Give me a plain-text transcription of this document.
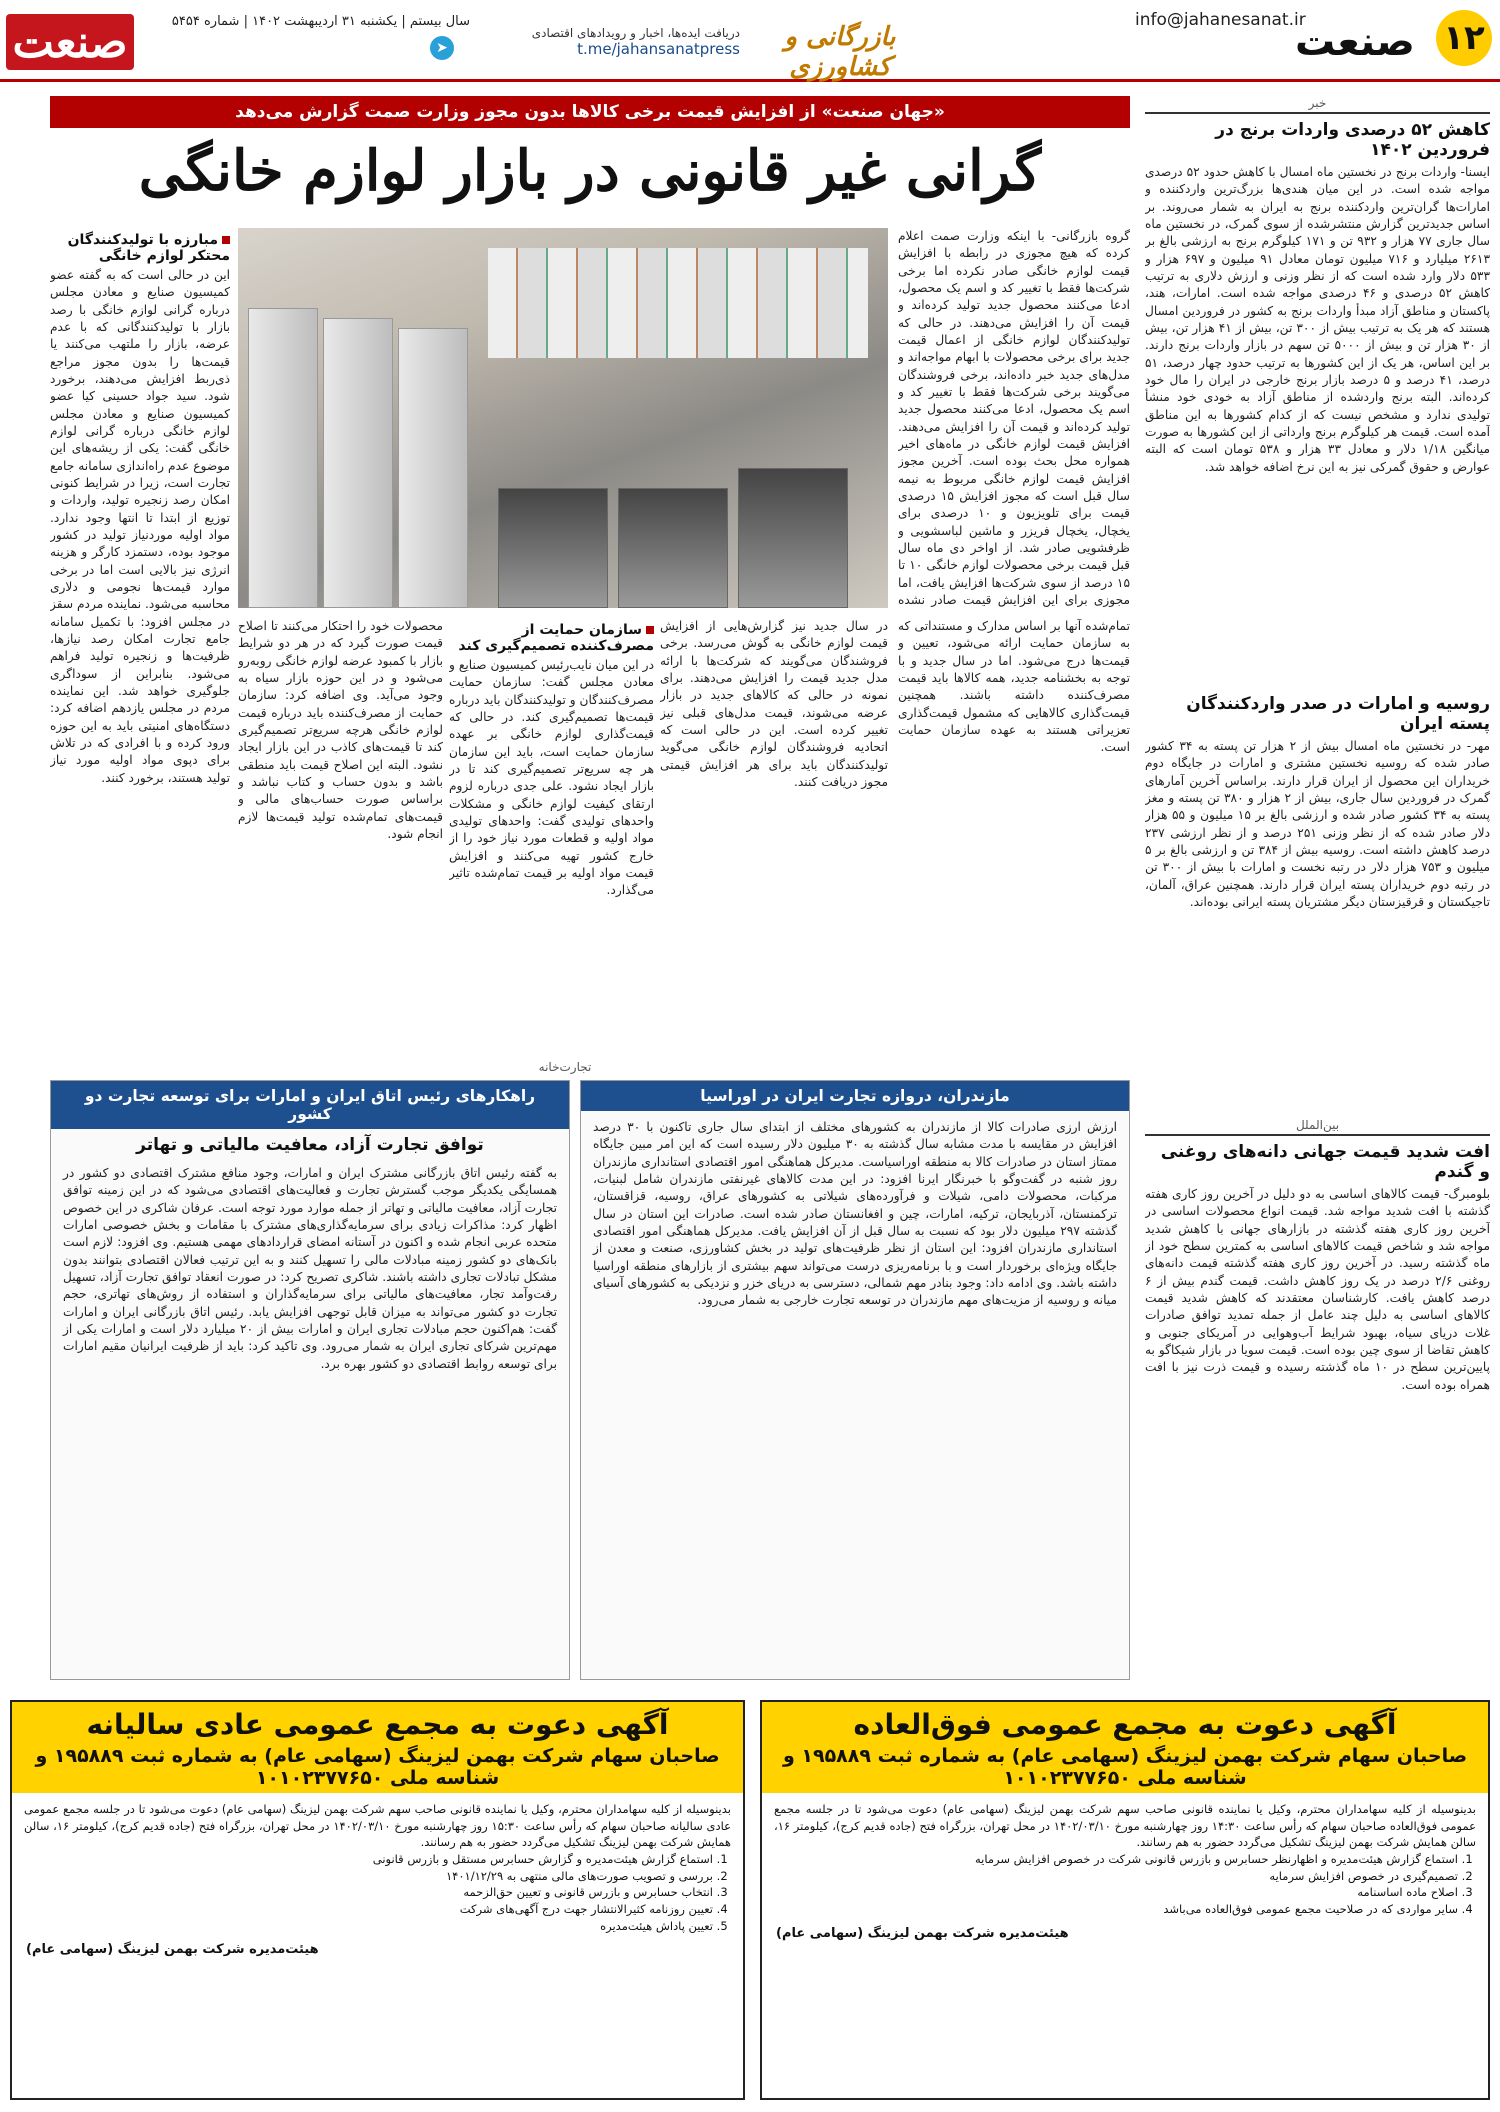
۱۲
صنعت
بازرگانی و کشاورزی
دریافت ایده‌ها، اخبار و رویدادهای اقتصادی
t.me/jahansanatpress
➤
سال بیستم | یکشنبه ۳۱ اردیبهشت ۱۴۰۲ | شماره ۵۴۵۴
صنعت	info@jahanesanat.ir
خبر
کاهش ۵۲ درصدی واردات برنج در فروردین ۱۴۰۲
ایسنا- واردات برنج در نخستین ماه امسال با کاهش حدود ۵۲ درصدی مواجه شده است. در این میان هندی‌ها بزرگ‌ترین واردکننده و امارات‌ها گران‌ترین واردکننده برنج به ایران به شمار می‌روند. بر اساس جدیدترین گزارش منتشرشده از سوی گمرک، در نخستین ماه سال جاری ۷۷ هزار و ۹۳۲ تن و ۱۷۱ کیلوگرم برنج به ارزشی بالغ بر ۲۶۱۳ میلیارد و ۷۱۶ میلیون تومان معادل ۹۱ میلیون و ۶۹۷ هزار و ۵۳۳ دلار وارد شده است که از نظر وزنی و ارزش دلاری به ترتیب کاهش ۵۲ درصدی و ۴۶ درصدی مواجه شده است. امارات، هند، پاکستان و مناطق آزاد مبدأ واردات برنج به کشور در فروردین امسال هستند که هر یک به ترتیب بیش از ۳۰۰ تن، بیش از ۴۱ هزار تن، بیش از ۳۰ هزار تن و بیش از ۵۰۰۰ تن سهم در بازار واردات برنج دارند. بر این اساس، هر یک از این کشورها به ترتیب حدود چهار درصد، ۵۱ درصد، ۴۱ درصد و ۵ درصد بازار برنج خارجی در ایران را مال خود کرده‌اند. البته برنج واردشده از مناطق آزاد به خودی خود منشأ تولیدی ندارد و مشخص نیست که از کدام کشورها به این مناطق آمده است. قیمت هر کیلوگرم برنج وارداتی از این کشورها به صورت میانگین ۱/۱۸ دلار و معادل ۳۳ هزار و ۵۳۸ تومان است که البته عوارض و حقوق گمرکی نیز به این نرخ اضافه خواهد شد.
روسیه و امارات در صدر واردکنندگان پسته ایران
مهر- در نخستین ماه امسال بیش از ۲ هزار تن پسته به ۳۴ کشور صادر شده که روسیه نخستین مشتری و امارات در جایگاه دوم خریداران این محصول از ایران قرار دارند. براساس آخرین آمارهای گمرک در فروردین سال جاری، بیش از ۲ هزار و ۳۸۰ تن پسته و مغز پسته به ۳۴ کشور صادر شده و ارزشی بالغ بر ۱۵ میلیون و ۵۵ هزار دلار صادر شده که از نظر وزنی ۲۵۱ درصد و از نظر ارزشی ۲۳۷ درصد کاهش داشته است. روسیه بیش از ۳۸۴ تن و ارزشی بالغ بر ۵ میلیون و ۷۵۳ هزار دلار در رتبه نخست و امارات با بیش از ۳۰۰ تن در رتبه دوم خریداران پسته ایران قرار دارند. همچنین عراق، آلمان، تاجیکستان و قرقیزستان دیگر مشتریان پسته ایرانی بوده‌اند.
بین‌الملل
افت شدید قیمت جهانی دانه‌های روغنی و گندم
بلومبرگ- قیمت کالاهای اساسی به دو دلیل در آخرین روز کاری هفته گذشته با افت شدید مواجه شد. قیمت انواع محصولات اساسی در آخرین روز کاری هفته گذشته در بازارهای جهانی با کاهش شدید مواجه شد و شاخص قیمت کالاهای اساسی به کمترین سطح خود از ماه گذشته رسید. در آخرین روز کاری هفته گذشته قیمت دانه‌های روغنی ۲/۶ درصد در یک روز کاهش داشت. قیمت گندم بیش از ۶ درصد کاهش یافت. کارشناسان معتقدند که کاهش شدید قیمت کالاهای اساسی به دلیل چند عامل از جمله تمدید توافق صادرات غلات دریای سیاه، بهبود شرایط آب‌وهوایی در آمریکای جنوبی و کاهش تقاضا از سوی چین بوده است. قیمت سویا در بازار شیکاگو به پایین‌ترین سطح در ۱۰ ماه گذشته رسیده و قیمت ذرت نیز با افت همراه بوده است.
«جهان صنعت» از افزایش قیمت برخی کالاها بدون مجوز وزارت صمت گزارش می‌دهد
گرانی غیر قانونی در بازار لوازم خانگی
گروه بازرگانی- با اینکه وزارت صمت اعلام کرده که هیچ مجوزی در رابطه با افزایش قیمت لوازم خانگی صادر نکرده اما برخی شرکت‌ها فقط با تغییر کد و اسم یک محصول، ادعا می‌کنند محصول جدید تولید کرده‌اند و قیمت آن را افزایش می‌دهند. در حالی که تولیدکنندگان لوازم خانگی از اعمال قیمت جدید برای برخی محصولات با ابهام مواجه‌اند و مدل‌های جدید خبر داده‌اند، برخی فروشندگان می‌گویند برخی شرکت‌ها فقط با تغییر کد و اسم یک محصول، ادعا می‌کنند محصول جدید تولید کرده‌اند و قیمت آن را افزایش می‌دهند. افزایش قیمت لوازم خانگی در ماه‌های اخیر همواره محل بحث بوده است. آخرین مجوز افزایش قیمت لوازم خانگی مربوط به نیمه سال قبل است که مجوز افزایش ۱۵ درصدی قیمت برای تلویزیون و ۱۰ درصدی برای یخچال، یخچال فریزر و ماشین لباسشویی و ظرفشویی صادر شد. از اواخر دی ماه سال قبل قیمت برخی محصولات لوازم خانگی ۱۰ تا ۱۵ درصد از سوی شرکت‌ها افزایش یافت، اما مجوزی برای این افزایش قیمت صادر نشده
مبارزه با تولیدکنندگان محتکر لوازم خانگی
این در حالی است که به گفته عضو کمیسیون صنایع و معادن مجلس درباره گرانی لوازم خانگی با رصد بازار با تولیدکنندگانی که با عدم عرضه، بازار را ملتهب می‌کنند یا قیمت‌ها را بدون مجوز مراجع ذی‌ربط افزایش می‌دهند، برخورد شود. سید جواد حسینی کیا عضو کمیسیون صنایع و معادن مجلس لوازم خانگی درباره گرانی لوازم خانگی گفت: یکی از ریشه‌های این موضوع عدم راه‌اندازی سامانه جامع تجارت است، زیرا در شرایط کنونی امکان رصد زنجیره تولید، واردات و توزیع از ابتدا تا انتها وجود ندارد. مواد اولیه موردنیاز تولید در کشور موجود بوده، دستمزد کارگر و هزینه انرژی نیز بالایی است اما در برخی موارد قیمت‌ها نجومی و دلاری محاسبه می‌شود. نماینده مردم سقز در مجلس افزود: با تکمیل سامانه جامع تجارت امکان رصد نیازها، ظرفیت‌ها و زنجیره تولید فراهم می‌شود. بنابراین از سوداگری جلوگیری خواهد شد. این نماینده مردم در مجلس یازدهم اضافه کرد: دستگاه‌های امنیتی باید به این حوزه ورود کرده و با افرادی که در تلاش برای دپوی مواد اولیه مورد نیاز تولید هستند، برخورد کنند.
تمام‌شده آنها بر اساس مدارک و مستنداتی که به سازمان حمایت ارائه می‌شود، تعیین و قیمت‌ها درج می‌شود. اما در سال جدید و با توجه به بخشنامه جدید، همه کالاها باید قیمت مصرف‌کننده داشته باشند. همچنین قیمت‌گذاری کالاهایی که مشمول قیمت‌گذاری تعزیراتی هستند به عهده سازمان حمایت است.
در سال جدید نیز گزارش‌هایی از افزایش قیمت لوازم خانگی به گوش می‌رسد. برخی فروشندگان می‌گویند که شرکت‌ها با ارائه مدل جدید قیمت را افزایش می‌دهند. برای نمونه در حالی که کالاهای جدید در بازار عرضه می‌شوند، قیمت مدل‌های قبلی نیز تغییر کرده است. این در حالی است که اتحادیه فروشندگان لوازم خانگی می‌گوید تولیدکنندگان باید برای هر افزایش قیمتی مجوز دریافت کنند.
سازمان حمایت از مصرف‌کننده تصمیم‌گیری کند
در این میان نایب‌رئیس کمیسیون صنایع و معادن مجلس گفت: سازمان حمایت مصرف‌کنندگان و تولیدکنندگان باید درباره قیمت‌ها تصمیم‌گیری کند. در حالی که قیمت‌گذاری لوازم خانگی بر عهده سازمان حمایت است، باید این سازمان هر چه سریع‌تر تصمیم‌گیری کند تا در بازار ایجاد نشود. علی جدی درباره لزوم ارتقای کیفیت لوازم خانگی و مشکلات واحدهای تولیدی گفت: واحدهای تولیدی مواد اولیه و قطعات مورد نیاز خود را از خارج کشور تهیه می‌کنند و افزایش قیمت مواد اولیه بر قیمت تمام‌شده تاثیر می‌گذارد.
محصولات خود را احتکار می‌کنند تا اصلاح قیمت صورت گیرد که در هر دو شرایط بازار با کمبود عرضه لوازم خانگی روبه‌رو می‌شود و در این حوزه بازار سیاه به وجود می‌آید. وی اضافه کرد: سازمان حمایت از مصرف‌کننده باید درباره قیمت لوازم خانگی هرچه سریع‌تر تصمیم‌گیری کند تا قیمت‌های کاذب در این بازار ایجاد نشود. البته این اصلاح قیمت باید منطقی باشد و بدون حساب و کتاب نباشد و براساس صورت حساب‌های مالی و قیمت‌های تمام‌شده تولید قیمت‌ها لازم انجام شود.
تجارت‌خانه
مازندران، دروازه تجارت ایران در اوراسیا
ارزش ارزی صادرات کالا از مازندران به کشورهای مختلف از ابتدای سال جاری تاکنون با ۳۰ درصد افزایش در مقایسه با مدت مشابه سال گذشته به ۳۰ میلیون دلار رسیده است که این امر مبین جایگاه ممتاز استان در صادرات کالا به منطقه اوراسیاست. مدیرکل هماهنگی امور اقتصادی استانداری مازندران روز شنبه در گفت‌وگو با خبرنگار ایرنا افزود: در این مدت کالاهای غیرنفتی مازندران شامل لبنیات، مرکبات، محصولات دامی، شیلات و فرآورده‌های شیلاتی به کشورهای عراق، روسیه، قزاقستان، ترکمنستان، آذربایجان، ترکیه، امارات، چین و افغانستان صادر شده است. صادرات این استان در سال گذشته ۲۹۷ میلیون دلار بود که نسبت به سال قبل از آن افزایش یافت. مدیرکل هماهنگی امور اقتصادی استانداری مازندران افزود: این استان از نظر ظرفیت‌های تولید در بخش کشاورزی، صنعت و معدن از جایگاه ویژه‌ای برخوردار است و با برنامه‌ریزی درست می‌تواند سهم بیشتری از بازارهای منطقه اوراسیا داشته باشد. وی ادامه داد: وجود بنادر مهم شمالی، دسترسی به دریای خزر و نزدیکی به کشورهای آسیای میانه و روسیه از مزیت‌های مهم مازندران در توسعه تجارت خارجی به شمار می‌رود.
راهکارهای رئیس اتاق ایران و امارات برای توسعه تجارت دو کشور
توافق تجارت آزاد، معافیت مالیاتی و تهاتر
به گفته رئیس اتاق بازرگانی مشترک ایران و امارات، وجود منافع مشترک اقتصادی دو کشور در همسایگی یکدیگر موجب گسترش تجارت و فعالیت‌های اقتصادی می‌شود که در این زمینه توافق تجارت آزاد، معافیت مالیاتی و تهاتر از جمله موارد مورد توجه است. عرفان شاکری در این خصوص اظهار کرد: مذاکرات زیادی برای سرمایه‌گذاری‌های مشترک با مقامات و بخش خصوصی امارات متحده عربی انجام شده و اکنون در آستانه امضای قراردادهای مهمی هستیم. وی افزود: لازم است بانک‌های دو کشور زمینه مبادلات مالی را تسهیل کنند و به این ترتیب فعالان اقتصادی بتوانند بدون مشکل تبادلات تجاری داشته باشند. شاکری تصریح کرد: در صورت انعقاد توافق تجارت آزاد، تسهیل رفت‌وآمد تجار، معافیت‌های مالیاتی برای سرمایه‌گذاران و استفاده از روش‌های تهاتری، حجم تجارت دو کشور می‌تواند به میزان قابل توجهی افزایش یابد. رئیس اتاق بازرگانی ایران و امارات گفت: هم‌اکنون حجم مبادلات تجاری ایران و امارات بیش از ۲۰ میلیارد دلار است و امارات یکی از مهم‌ترین شرکای تجاری ایران به شمار می‌رود. وی تاکید کرد: باید از ظرفیت ایرانیان مقیم امارات برای توسعه روابط اقتصادی دو کشور بهره برد.
آگهی دعوت به مجمع عمومی فوق‌العاده
صاحبان سهام شرکت بهمن لیزینگ (سهامی عام) به شماره ثبت ۱۹۵۸۸۹ و شناسه ملی ۱۰۱۰۲۳۷۷۶۵۰

بدینوسیله از کلیه سهامداران محترم، وکیل یا نماینده قانونی صاحب سهم شرکت بهمن لیزینگ (سهامی عام) دعوت می‌شود تا در جلسه مجمع عمومی فوق‌العاده صاحبان سهام که رأس ساعت ۱۴:۳۰ روز چهارشنبه مورخ ۱۴۰۲/۰۳/۱۰ در محل تهران، بزرگراه فتح (جاده قدیم کرج)، کیلومتر ۱۶، سالن همایش شرکت بهمن لیزینگ تشکیل می‌گردد حضور به هم رسانند.

1. استماع گزارش هیئت‌مدیره و اظهارنظر حسابرس و بازرس قانونی شرکت در خصوص افزایش سرمایه
2. تصمیم‌گیری در خصوص افزایش سرمایه
3. اصلاح ماده اساسنامه
4. سایر مواردی که در صلاحیت مجمع عمومی فوق‌العاده می‌باشد
هیئت‌مدیره شرکت بهمن لیزینگ (سهامی عام)
آگهی دعوت به مجمع عمومی عادی سالیانه
صاحبان سهام شرکت بهمن لیزینگ (سهامی عام) به شماره ثبت ۱۹۵۸۸۹ و شناسه ملی ۱۰۱۰۲۳۷۷۶۵۰

بدینوسیله از کلیه سهامداران محترم، وکیل یا نماینده قانونی صاحب سهم شرکت بهمن لیزینگ (سهامی عام) دعوت می‌شود تا در جلسه مجمع عمومی عادی سالیانه صاحبان سهام که رأس ساعت ۱۵:۳۰ روز چهارشنبه مورخ ۱۴۰۲/۰۳/۱۰ در محل تهران، بزرگراه فتح (جاده قدیم کرج)، کیلومتر ۱۶، سالن همایش شرکت بهمن لیزینگ تشکیل می‌گردد حضور به هم رسانند.

1. استماع گزارش هیئت‌مدیره و گزارش حسابرس مستقل و بازرس قانونی
2. بررسی و تصویب صورت‌های مالی منتهی به ۱۴۰۱/۱۲/۲۹
3. انتخاب حسابرس و بازرس قانونی و تعیین حق‌الزحمه
4. تعیین روزنامه کثیرالانتشار جهت درج آگهی‌های شرکت
5. تعیین پاداش هیئت‌مدیره
هیئت‌مدیره شرکت بهمن لیزینگ (سهامی عام)
